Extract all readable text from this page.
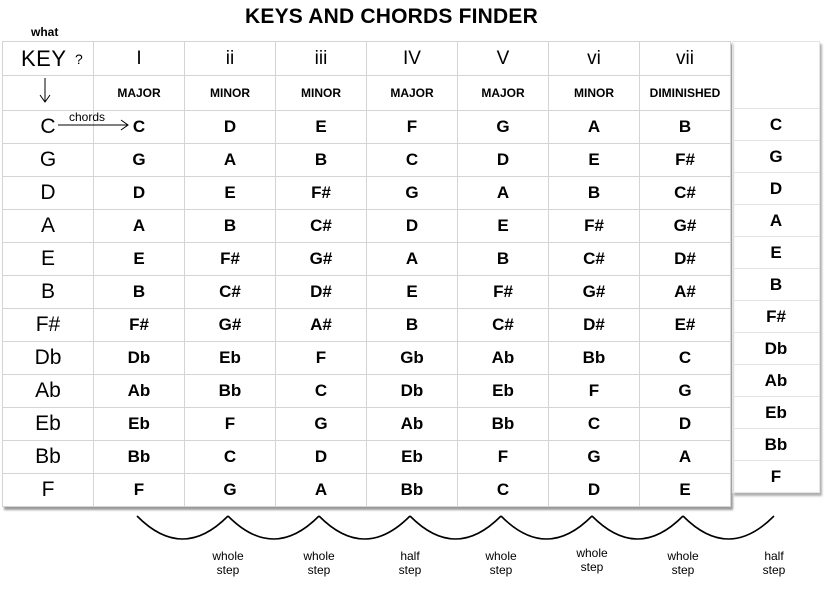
KEYS AND CHORDS FINDER
what
	I	ii	iii	IV	V	vi	vii
	MAJOR	MINOR	MINOR	MAJOR	MAJOR	MINOR	DIMINISHED
C	C	D	E	F	G	A	B
G	G	A	B	C	D	E	F#
D	D	E	F#	G	A	B	C#
A	A	B	C#	D	E	F#	G#
E	E	F#	G#	A	B	C#	D#
B	B	C#	D#	E	F#	G#	A#
F#	F#	G#	A#	B	C#	D#	E#
Db	Db	Eb	F	Gb	Ab	Bb	C
Ab	Ab	Bb	C	Db	Eb	F	G
Eb	Eb	F	G	Ab	Bb	C	D
Bb	Bb	C	D	Eb	F	G	A
F	F	G	A	Bb	C	D	E
KEY ?
chords	C
G
D
A
E
B
F#
Db
Ab
Eb
Bb
F
whole
step
whole
step
half
step
whole
step
whole
step
whole
step
half
step
